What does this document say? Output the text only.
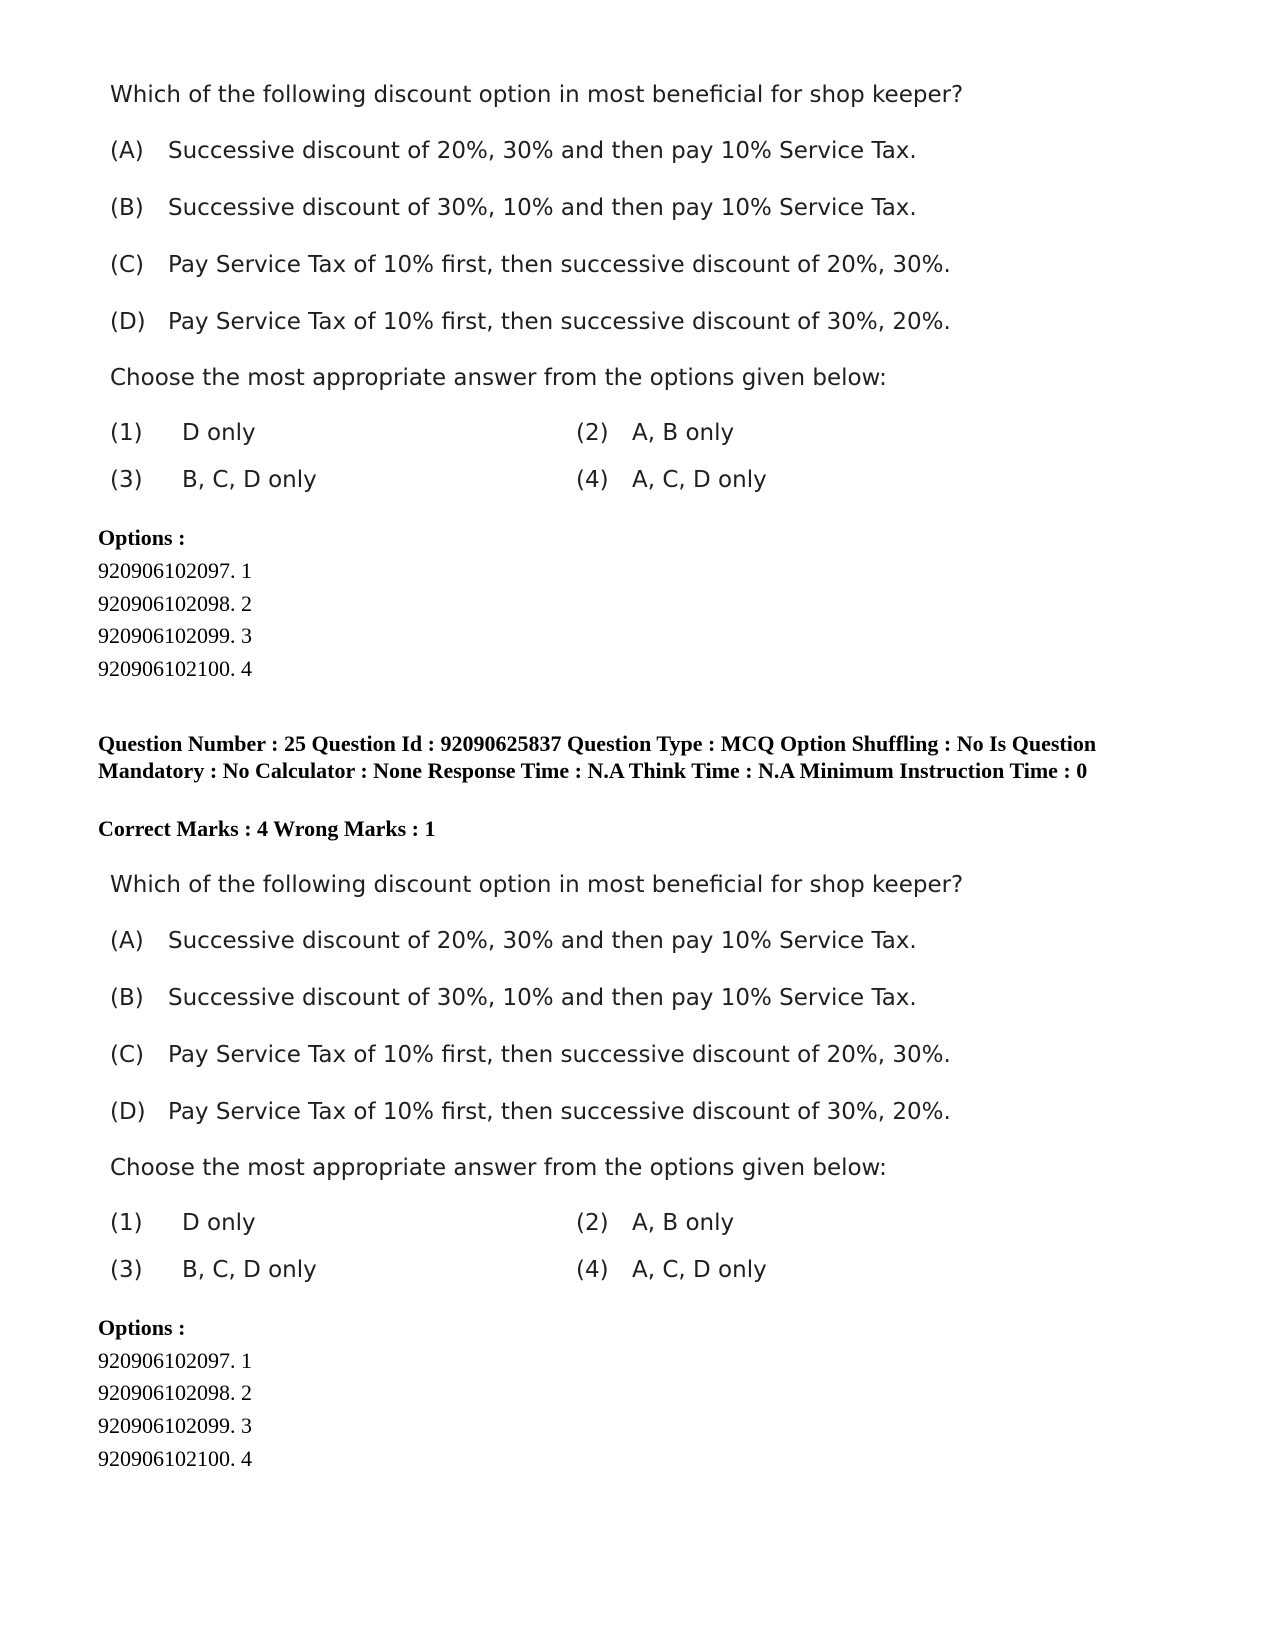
Which of the following discount option in most beneficial for shop keeper?
(A) Successive discount of 20%, 30% and then pay 10% Service Tax.
(B) Successive discount of 30%, 10% and then pay 10% Service Tax.
(C) Pay Service Tax of 10% first, then successive discount of 20%, 30%.
(D) Pay Service Tax of 10% first, then successive discount of 30%, 20%.
Choose the most appropriate answer from the options given below:
(1) D only	(2) A, B only
(3) B, C, D only	(4) A, C, D only
Options :
920906102097. 1
920906102098. 2
920906102099. 3
920906102100. 4
Question Number : 25 Question Id : 92090625837 Question Type : MCQ Option Shuffling : No Is Question Mandatory : No Calculator : None Response Time : N.A Think Time : N.A Minimum Instruction Time : 0
Correct Marks : 4 Wrong Marks : 1
Which of the following discount option in most beneficial for shop keeper?
(A) Successive discount of 20%, 30% and then pay 10% Service Tax.
(B) Successive discount of 30%, 10% and then pay 10% Service Tax.
(C) Pay Service Tax of 10% first, then successive discount of 20%, 30%.
(D) Pay Service Tax of 10% first, then successive discount of 30%, 20%.
Choose the most appropriate answer from the options given below:
(1) D only	(2) A, B only
(3) B, C, D only	(4) A, C, D only
Options :
920906102097. 1
920906102098. 2
920906102099. 3
920906102100. 4
